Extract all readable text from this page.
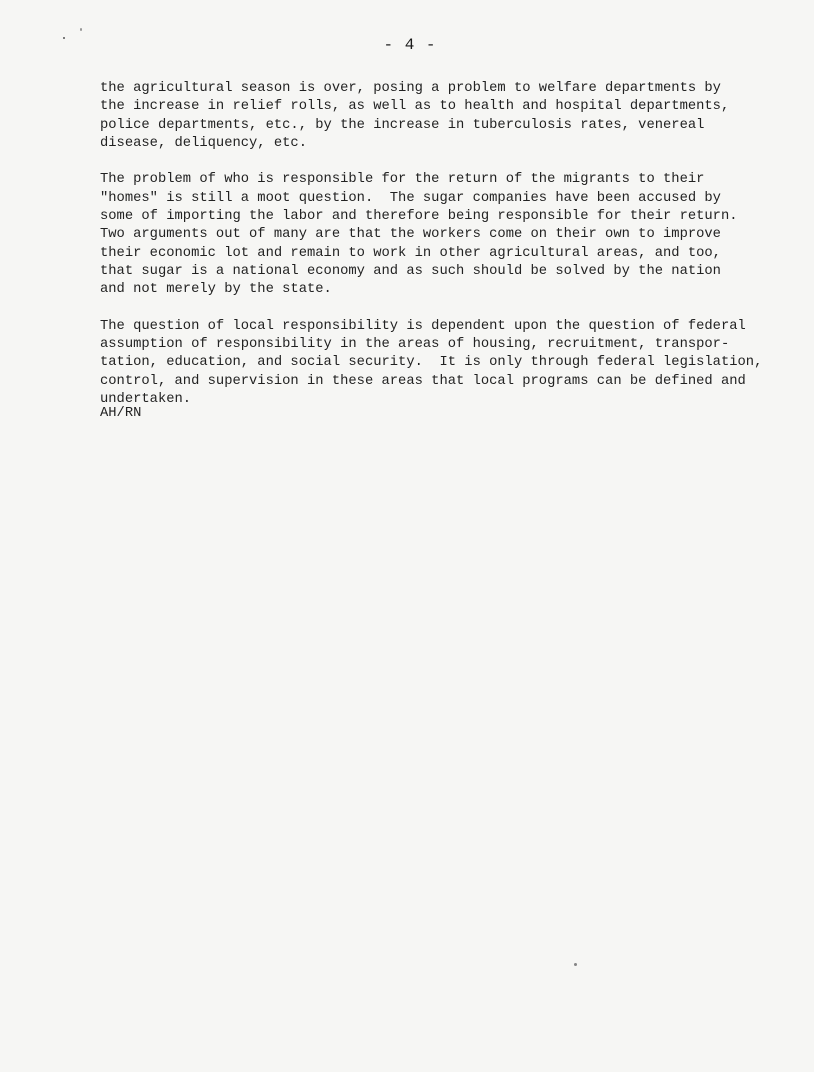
- 4 -
the agricultural season is over, posing a problem to welfare departments by
the increase in relief rolls, as well as to health and hospital departments,
police departments, etc., by the increase in tuberculosis rates, venereal
disease, deliquency, etc.
The problem of who is responsible for the return of the migrants to their
"homes" is still a moot question.  The sugar companies have been accused by
some of importing the labor and therefore being responsible for their return.
Two arguments out of many are that the workers come on their own to improve
their economic lot and remain to work in other agricultural areas, and too,
that sugar is a national economy and as such should be solved by the nation
and not merely by the state.
The question of local responsibility is dependent upon the question of federal
assumption of responsibility in the areas of housing, recruitment, transpor-
tation, education, and social security.  It is only through federal legislation,
control, and supervision in these areas that local programs can be defined and
undertaken.
AH/RN
